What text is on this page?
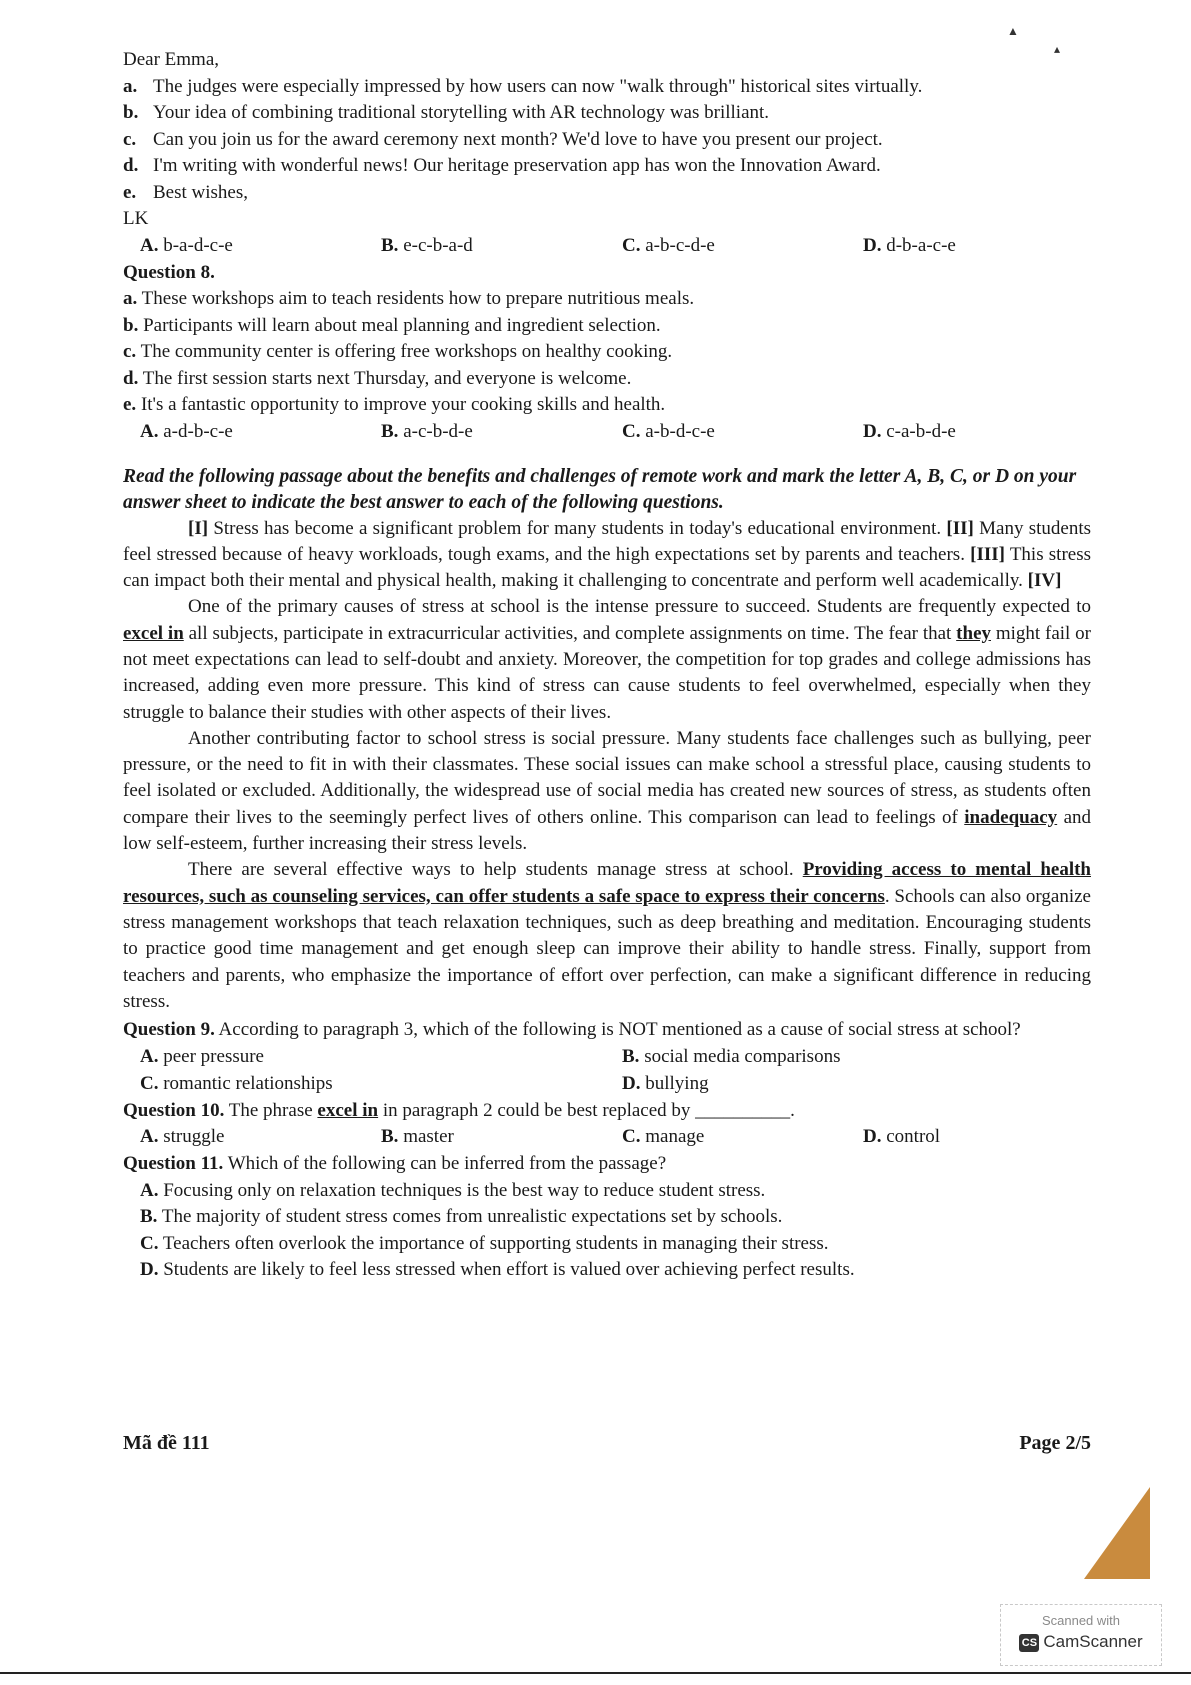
Dear Emma,
a. The judges were especially impressed by how users can now "walk through" historical sites virtually.
b. Your idea of combining traditional storytelling with AR technology was brilliant.
c. Can you join us for the award ceremony next month? We'd love to have you present our project.
d. I'm writing with wonderful news! Our heritage preservation app has won the Innovation Award.
e. Best wishes,
LK
A. b-a-d-c-e	B. e-c-b-a-d	C. a-b-c-d-e	D. d-b-a-c-e
Question 8.
a. These workshops aim to teach residents how to prepare nutritious meals.
b. Participants will learn about meal planning and ingredient selection.
c. The community center is offering free workshops on healthy cooking.
d. The first session starts next Thursday, and everyone is welcome.
e. It's a fantastic opportunity to improve your cooking skills and health.
A. a-d-b-c-e	B. a-c-b-d-e	C. a-b-d-c-e	D. c-a-b-d-e
Read the following passage about the benefits and challenges of remote work and mark the letter A, B, C, or D on your answer sheet to indicate the best answer to each of the following questions.
[I] Stress has become a significant problem for many students in today's educational environment. [II] Many students feel stressed because of heavy workloads, tough exams, and the high expectations set by parents and teachers. [III] This stress can impact both their mental and physical health, making it challenging to concentrate and perform well academically. [IV]
One of the primary causes of stress at school is the intense pressure to succeed. Students are frequently expected to excel in all subjects, participate in extracurricular activities, and complete assignments on time. The fear that they might fail or not meet expectations can lead to self-doubt and anxiety. Moreover, the competition for top grades and college admissions has increased, adding even more pressure. This kind of stress can cause students to feel overwhelmed, especially when they struggle to balance their studies with other aspects of their lives.
Another contributing factor to school stress is social pressure. Many students face challenges such as bullying, peer pressure, or the need to fit in with their classmates. These social issues can make school a stressful place, causing students to feel isolated or excluded. Additionally, the widespread use of social media has created new sources of stress, as students often compare their lives to the seemingly perfect lives of others online. This comparison can lead to feelings of inadequacy and low self-esteem, further increasing their stress levels.
There are several effective ways to help students manage stress at school. Providing access to mental health resources, such as counseling services, can offer students a safe space to express their concerns. Schools can also organize stress management workshops that teach relaxation techniques, such as deep breathing and meditation. Encouraging students to practice good time management and get enough sleep can improve their ability to handle stress. Finally, support from teachers and parents, who emphasize the importance of effort over perfection, can make a significant difference in reducing stress.
Question 9. According to paragraph 3, which of the following is NOT mentioned as a cause of social stress at school?
A. peer pressure	B. social media comparisons
C. romantic relationships	D. bullying
Question 10. The phrase excel in in paragraph 2 could be best replaced by __________.
A. struggle	B. master	C. manage	D. control
Question 11. Which of the following can be inferred from the passage?
A. Focusing only on relaxation techniques is the best way to reduce student stress.
B. The majority of student stress comes from unrealistic expectations set by schools.
C. Teachers often overlook the importance of supporting students in managing their stress.
D. Students are likely to feel less stressed when effort is valued over achieving perfect results.
Mã đề 111	Page 2/5
▲
▴
Scanned with
CS CamScanner
